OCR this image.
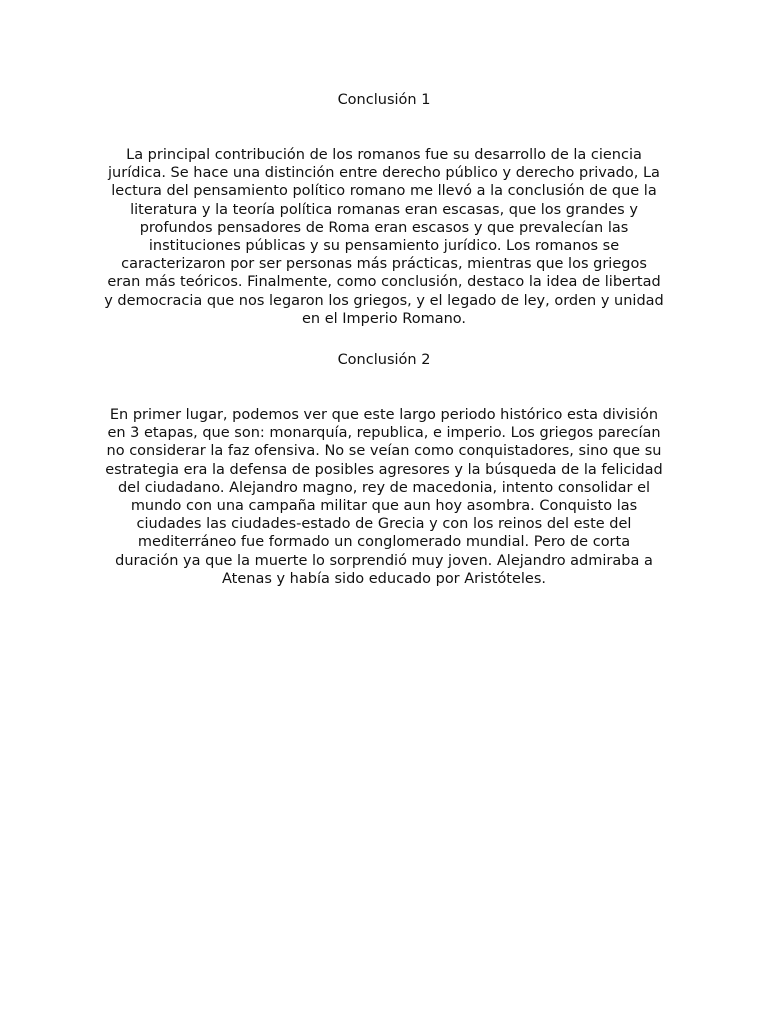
Conclusión 1

La principal contribución de los romanos fue su desarrollo de la ciencia jurídica. Se hace una distinción entre derecho público y derecho privado, La lectura del pensamiento político romano me llevó a la conclusión de que la literatura y la teoría política romanas eran escasas, que los grandes y profundos pensadores de Roma eran escasos y que prevalecían las instituciones públicas y su pensamiento jurídico. Los romanos se caracterizaron por ser personas más prácticas, mientras que los griegos eran más teóricos. Finalmente, como conclusión, destaco la idea de libertad y democracia que nos legaron los griegos, y el legado de ley, orden y unidad en el Imperio Romano.

Conclusión 2

En primer lugar, podemos ver que este largo periodo histórico esta división en 3 etapas, que son: monarquía, republica, e imperio. Los griegos parecían no considerar la faz ofensiva. No se veían como conquistadores, sino que su estrategia era la defensa de posibles agresores y la búsqueda de la felicidad del ciudadano. Alejandro magno, rey de macedonia, intento consolidar el mundo con una campaña militar que aun hoy asombra. Conquisto las ciudades las ciudades-estado de Grecia y con los reinos del este del mediterráneo fue formado un conglomerado mundial. Pero de corta duración ya que la muerte lo sorprendió muy joven. Alejandro admiraba a Atenas y había sido educado por Aristóteles.
